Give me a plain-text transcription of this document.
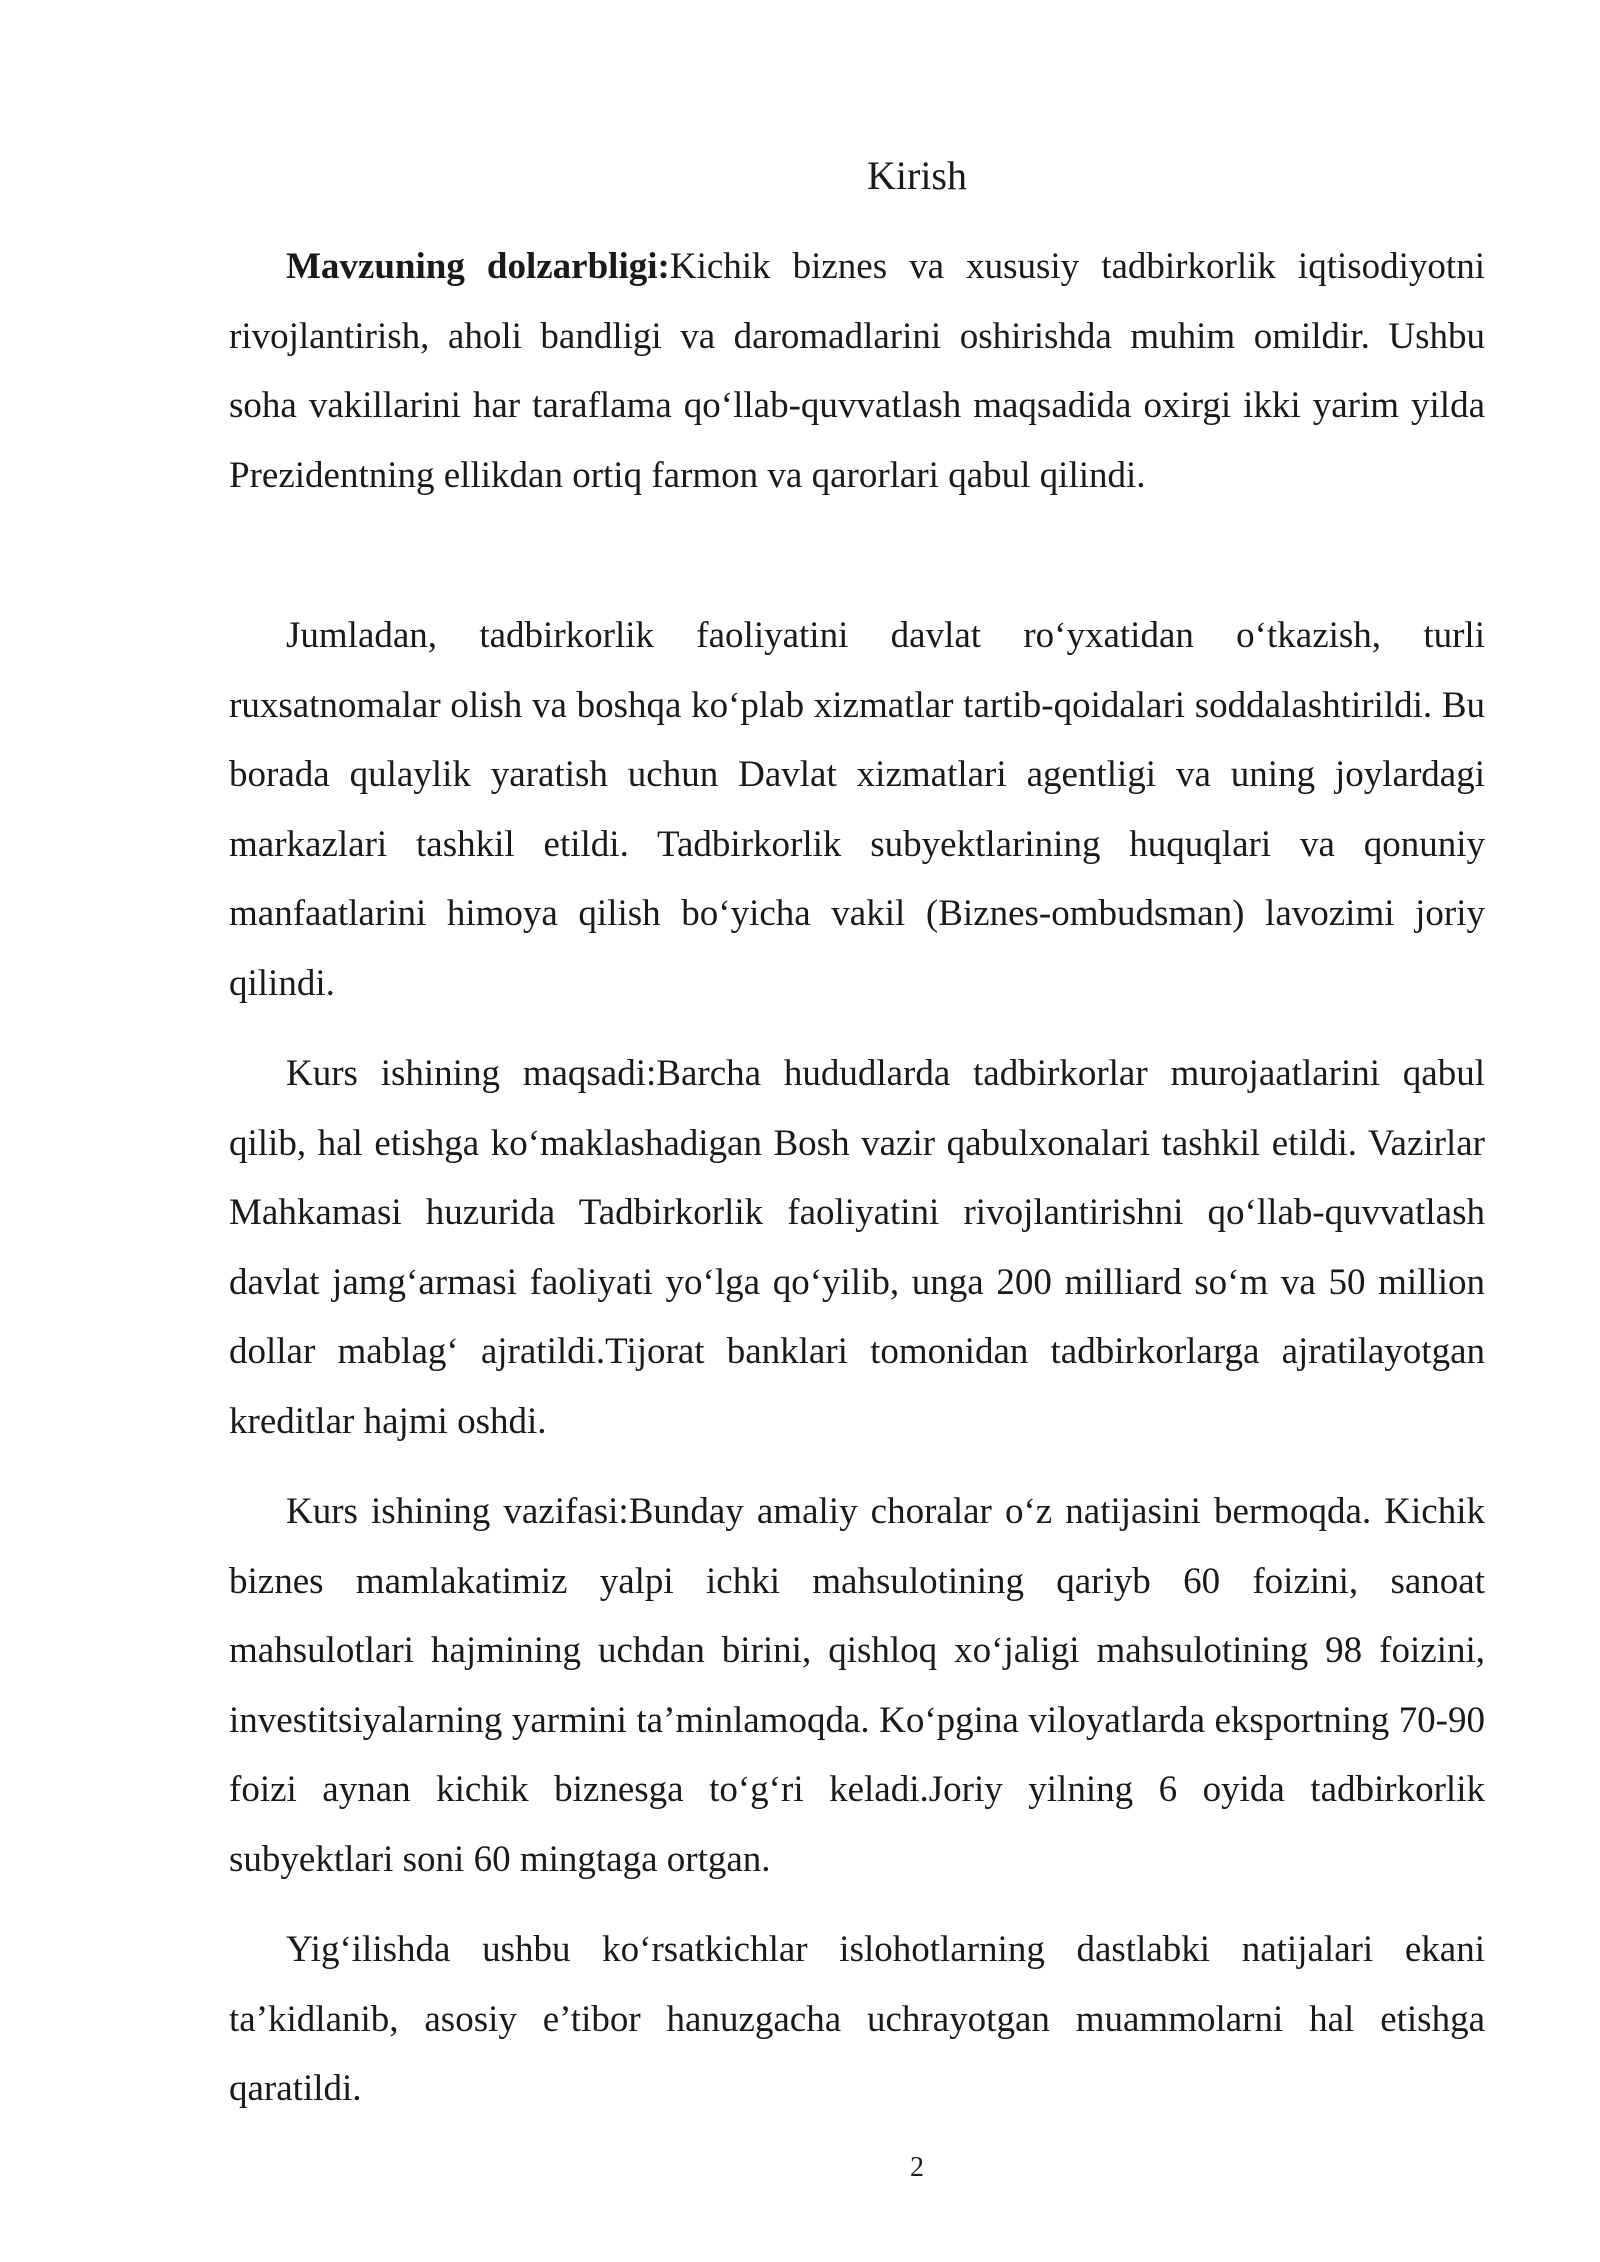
Kirish

Mavzuning dolzarbligi:Kichik biznes va xususiy tadbirkorlik iqtisodiyotni rivojlantirish, aholi bandligi va daromadlarini oshirishda muhim omildir. Ushbu soha vakillarini har taraflama qo‘llab-quvvatlash maqsadida oxirgi ikki yarim yilda Prezidentning ellikdan ortiq farmon va qarorlari qabul qilindi.

Jumladan, tadbirkorlik faoliyatini davlat ro‘yxatidan o‘tkazish, turli ruxsatnomalar olish va boshqa ko‘plab xizmatlar tartib-qoidalari soddalashtirildi. Bu borada qulaylik yaratish uchun Davlat xizmatlari agentligi va uning joylardagi markazlari tashkil etildi. Tadbirkorlik subyektlarining huquqlari va qonuniy manfaatlarini himoya qilish bo‘yicha vakil (Biznes-ombudsman) lavozimi joriy qilindi.

Kurs ishining maqsadi:Barcha hududlarda tadbirkorlar murojaatlarini qabul qilib, hal etishga ko‘maklashadigan Bosh vazir qabulxonalari tashkil etildi. Vazirlar Mahkamasi huzurida Tadbirkorlik faoliyatini rivojlantirishni qo‘llab-quvvatlash davlat jamg‘armasi faoliyati yo‘lga qo‘yilib, unga 200 milliard so‘m va 50 million dollar mablag‘ ajratildi.Tijorat banklari tomonidan tadbirkorlarga ajratilayotgan kreditlar hajmi oshdi.

Kurs ishining vazifasi:Bunday amaliy choralar o‘z natijasini bermoqda. Kichik biznes mamlakatimiz yalpi ichki mahsulotining qariyb 60 foizini, sanoat mahsulotlari hajmining uchdan birini, qishloq xo‘jaligi mahsulotining 98 foizini, investitsiyalarning yarmini ta’minlamoqda. Ko‘pgina viloyatlarda eksportning 70-90 foizi aynan kichik biznesga to‘g‘ri keladi.Joriy yilning 6 oyida tadbirkorlik subyektlari soni 60 mingtaga ortgan.

Yig‘ilishda ushbu ko‘rsatkichlar islohotlarning dastlabki natijalari ekani ta’kidlanib, asosiy e’tibor hanuzgacha uchrayotgan muammolarni hal etishga qaratildi.

2
